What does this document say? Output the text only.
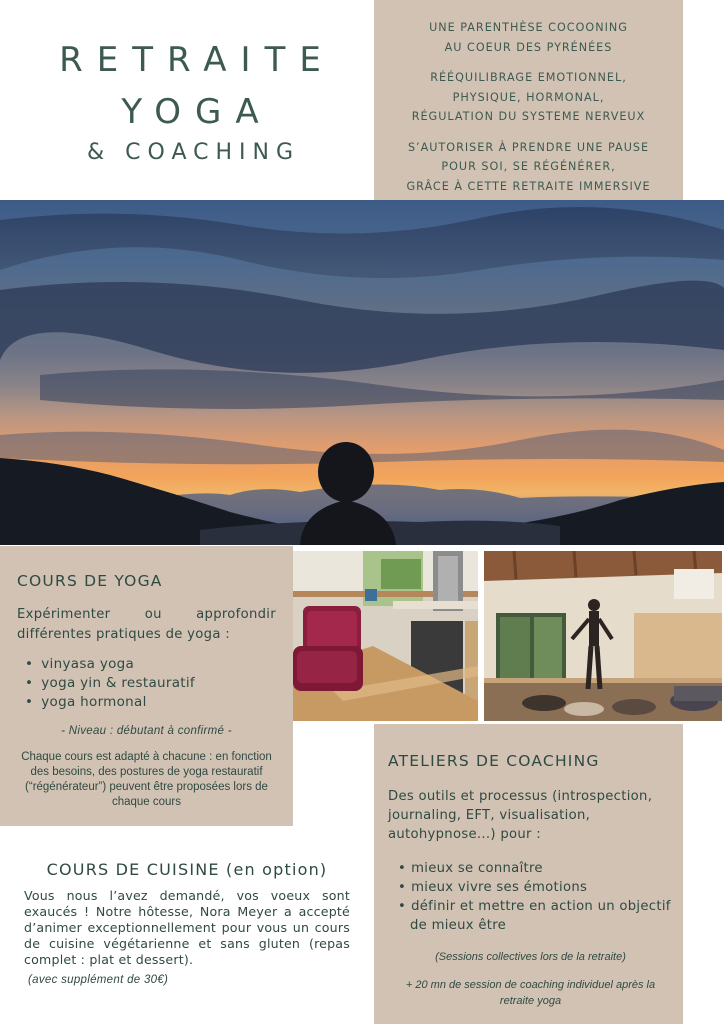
RETRAITE
YOGA
& COACHING

UNE PARENTHÈSE COCOONING
AU COEUR DES PYRÉNÉES

RÉÉQUILIBRAGE EMOTIONNEL,
PHYSIQUE, HORMONAL,
RÉGULATION DU SYSTEME NERVEUX

S’AUTORISER À PRENDRE UNE PAUSE
POUR SOI, SE RÉGÉNÉRER,
GRÂCE À CETTE RETRAITE IMMERSIVE

COURS DE YOGA
Expérimenter ou approfondir différentes pratiques de yoga :
• vinyasa yoga
• yoga yin & restauratif
• yoga hormonal
- Niveau : débutant à confirmé -
Chaque cours est adapté à chacune : en fonction des besoins, des postures de yoga restauratif (“régénérateur”) peuvent être proposées lors de chaque cours
COURS DE CUISINE (en option)
Vous nous l’avez demandé, vos voeux sont exaucés ! Notre hôtesse, Nora Meyer a accepté d’animer exceptionnellement pour vous un cours de cuisine végétarienne et sans gluten (repas complet : plat et dessert).
(avec supplément de 30€)
ATELIERS DE COACHING
Des outils et processus (introspection, journaling, EFT, visualisation, autohypnose...) pour :
• mieux se connaître
• mieux vivre ses émotions
• définir et mettre en action un objectif de mieux être
(Sessions collectives lors de la retraite)
+ 20 mn de session de coaching individuel après la retraite yoga
